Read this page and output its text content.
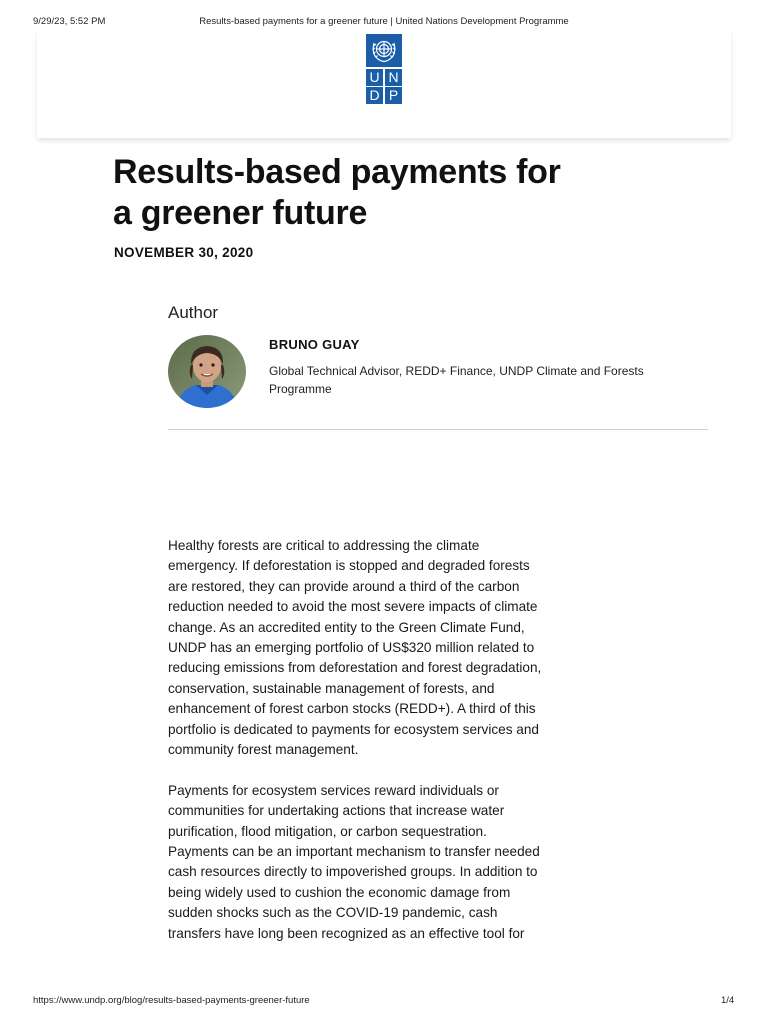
9/29/23, 5:52 PM	Results-based payments for a greener future | United Nations Development Programme
U N
D P
Results-based payments for
a greener future
NOVEMBER 30, 2020
Author
BRUNO GUAY
Global Technical Advisor, REDD+ Finance, UNDP Climate and Forests Programme

Healthy forests are critical to addressing the climate emergency. If deforestation is stopped and degraded forests are restored, they can provide around a third of the carbon reduction needed to avoid the most severe impacts of climate change. As an accredited entity to the Green Climate Fund, UNDP has an emerging portfolio of US$320 million related to reducing emissions from deforestation and forest degradation, conservation, sustainable management of forests, and enhancement of forest carbon stocks (REDD+). A third of this portfolio is dedicated to payments for ecosystem services and community forest management.

Payments for ecosystem services reward individuals or communities for undertaking actions that increase water purification, flood mitigation, or carbon sequestration. Payments can be an important mechanism to transfer needed cash resources directly to impoverished groups. In addition to being widely used to cushion the economic damage from sudden shocks such as the COVID-19 pandemic, cash transfers have long been recognized as an effective tool for

https://www.undp.org/blog/results-based-payments-greener-future	1/4
